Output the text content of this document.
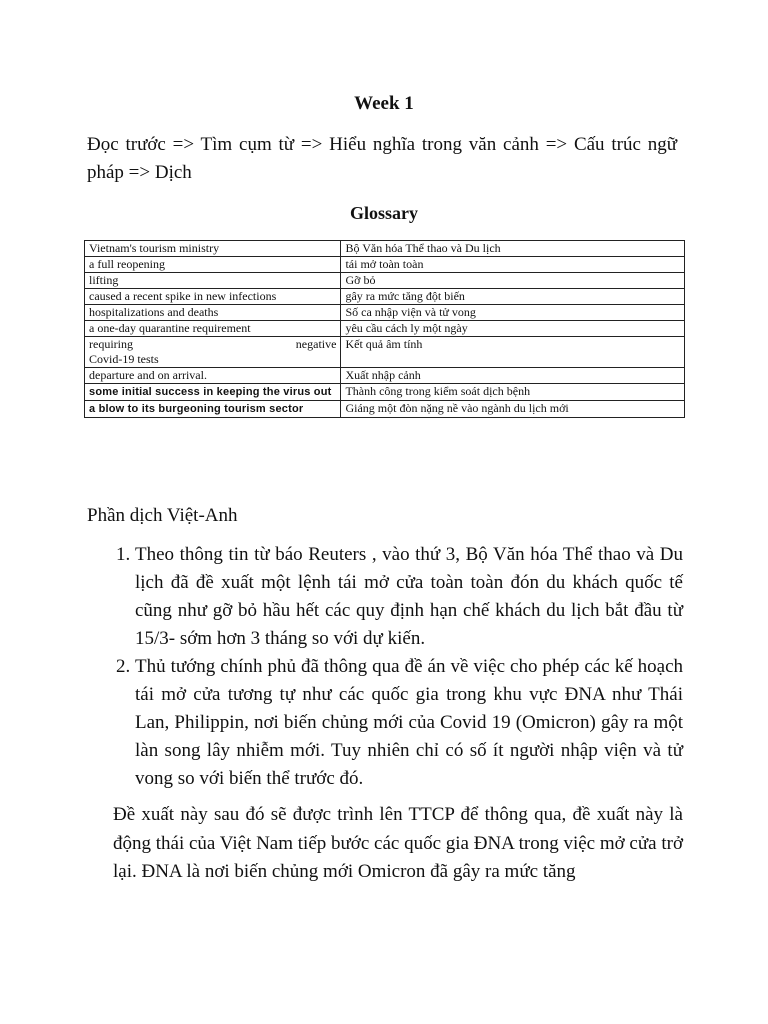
Week 1
Đọc trước => Tìm cụm từ => Hiểu nghĩa trong văn cảnh => Cấu trúc ngữ pháp => Dịch
Glossary
Vietnam's tourism ministry	Bộ Văn hóa Thể thao và Du lịch
a full reopening	tái mở toàn toàn
lifting	Gỡ bỏ
caused a recent spike in new infections	gây ra mức tăng đột biến
hospitalizations and deaths	Số ca nhập viện và tử vong
a one-day quarantine requirement	yêu cầu cách ly một ngày

requiring negative
Covid-19 tests	Kết quả âm tính
departure and on arrival.	Xuất nhập cảnh
some initial success in keeping the virus out	Thành công trong kiểm soát dịch bệnh
a blow to its burgeoning tourism sector	Giáng một đòn nặng nề vào ngành du lịch mới
Phần dịch Việt-Anh
1. Theo thông tin từ báo Reuters , vào thứ 3, Bộ Văn hóa Thể thao và Du lịch đã đề xuất một lệnh tái mở cửa toàn toàn đón du khách quốc tế cũng như gỡ bỏ hầu hết các quy định hạn chế khách du lịch bắt đầu từ 15/3- sớm hơn 3 tháng so với dự kiến.
2. Thủ tướng chính phủ đã thông qua đề án về việc cho phép các kế hoạch tái mở cửa tương tự như các quốc gia trong khu vực ĐNA như Thái Lan, Philippin, nơi biến chủng mới của Covid 19 (Omicron) gây ra một làn song lây nhiễm mới. Tuy nhiên chỉ có số ít người nhập viện và tử vong so với biến thể trước đó.
Đề xuất này sau đó sẽ được trình lên TTCP để thông qua, đề xuất này là động thái của Việt Nam tiếp bước các quốc gia ĐNA trong việc mở cửa trở lại. ĐNA là nơi biến chủng mới Omicron đã gây ra mức tăng
